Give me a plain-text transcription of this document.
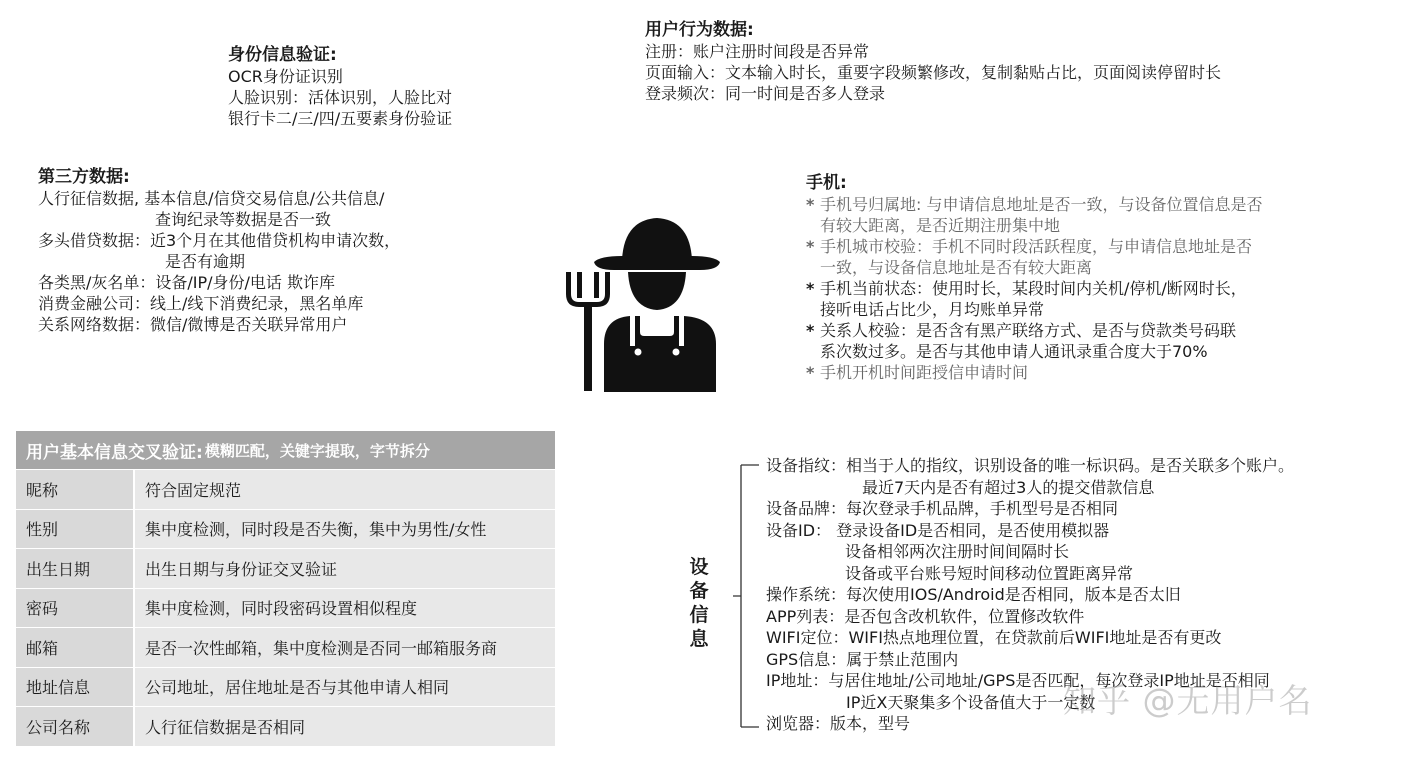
身份信息验证:
OCR身份证识别
人脸识别：活体识别，人脸比对
银行卡二/三/四/五要素身份验证
用户行为数据:
注册：账户注册时间段是否异常
页面输入：文本输入时长，重要字段频繁修改，复制黏贴占比，页面阅读停留时长
登录频次：同一时间是否多人登录
第三方数据:
人行征信数据, 基本信息/信贷交易信息/公共信息/
查询纪录等数据是否一致
多头借贷数据：近3个月在其他借贷机构申请次数，
是否有逾期
各类黑/灰名单：设备/IP/身份/电话 欺诈库
消费金融公司：线上/线下消费纪录，黑名单库
关系网络数据：微信/微博是否关联异常用户
手机:
* 手机号归属地: 与申请信息地址是否一致，与设备位置信息是否
有较大距离，是否近期注册集中地
* 手机城市校验：手机不同时段活跃程度，与申请信息地址是否
一致，与设备信息地址是否有较大距离
* 手机当前状态：使用时长，某段时间内关机/停机/断网时长，
接听电话占比少，月均账单异常
* 关系人校验：是否含有黑产联络方式、是否与贷款类号码联
系次数过多。是否与其他申请人通讯录重合度大于70%
* 手机开机时间距授信申请时间
用户基本信息交叉验证: 模糊匹配，关键字提取，字节拆分
昵称	符合固定规范
性别	集中度检测，同时段是否失衡，集中为男性/女性
出生日期	出生日期与身份证交叉验证
密码	集中度检测，同时段密码设置相似程度
邮箱	是否一次性邮箱，集中度检测是否同一邮箱服务商
地址信息	公司地址，居住地址是否与其他申请人相同
公司名称	人行征信数据是否相同
设备信息
设备指纹：相当于人的指纹，识别设备的唯一标识码。是否关联多个账户。
最近7天内是否有超过3人的提交借款信息
设备品牌：每次登录手机品牌，手机型号是否相同
设备ID： 登录设备ID是否相同，是否使用模拟器
设备相邻两次注册时间间隔时长
设备或平台账号短时间移动位置距离异常
操作系统：每次使用IOS/Android是否相同，版本是否太旧
APP列表：是否包含改机软件，位置修改软件
WIFI定位：WIFI热点地理位置，在贷款前后WIFI地址是否有更改
GPS信息：属于禁止范围内
IP地址：与居住地址/公司地址/GPS是否匹配，每次登录IP地址是否相同
IP近X天聚集多个设备值大于一定数
浏览器：版本，型号
知乎 @无用户名
